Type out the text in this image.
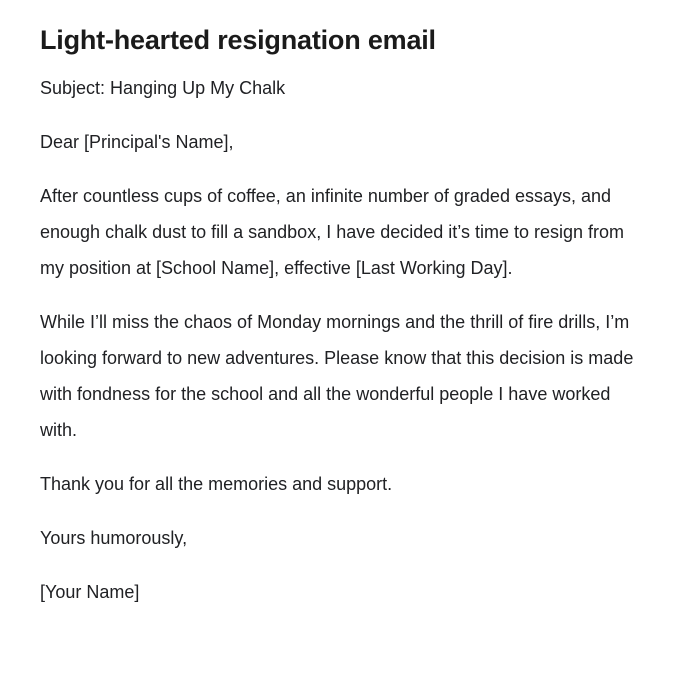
Light-hearted resignation email

Subject: Hanging Up My Chalk

Dear [Principal's Name],

After countless cups of coffee, an infinite number of graded essays, and enough chalk dust to fill a sandbox, I have decided it’s time to resign from my position at [School Name], effective [Last Working Day].

While I’ll miss the chaos of Monday mornings and the thrill of fire drills, I’m looking forward to new adventures. Please know that this decision is made with fondness for the school and all the wonderful people I have worked with.

Thank you for all the memories and support.

Yours humorously,

[Your Name]
